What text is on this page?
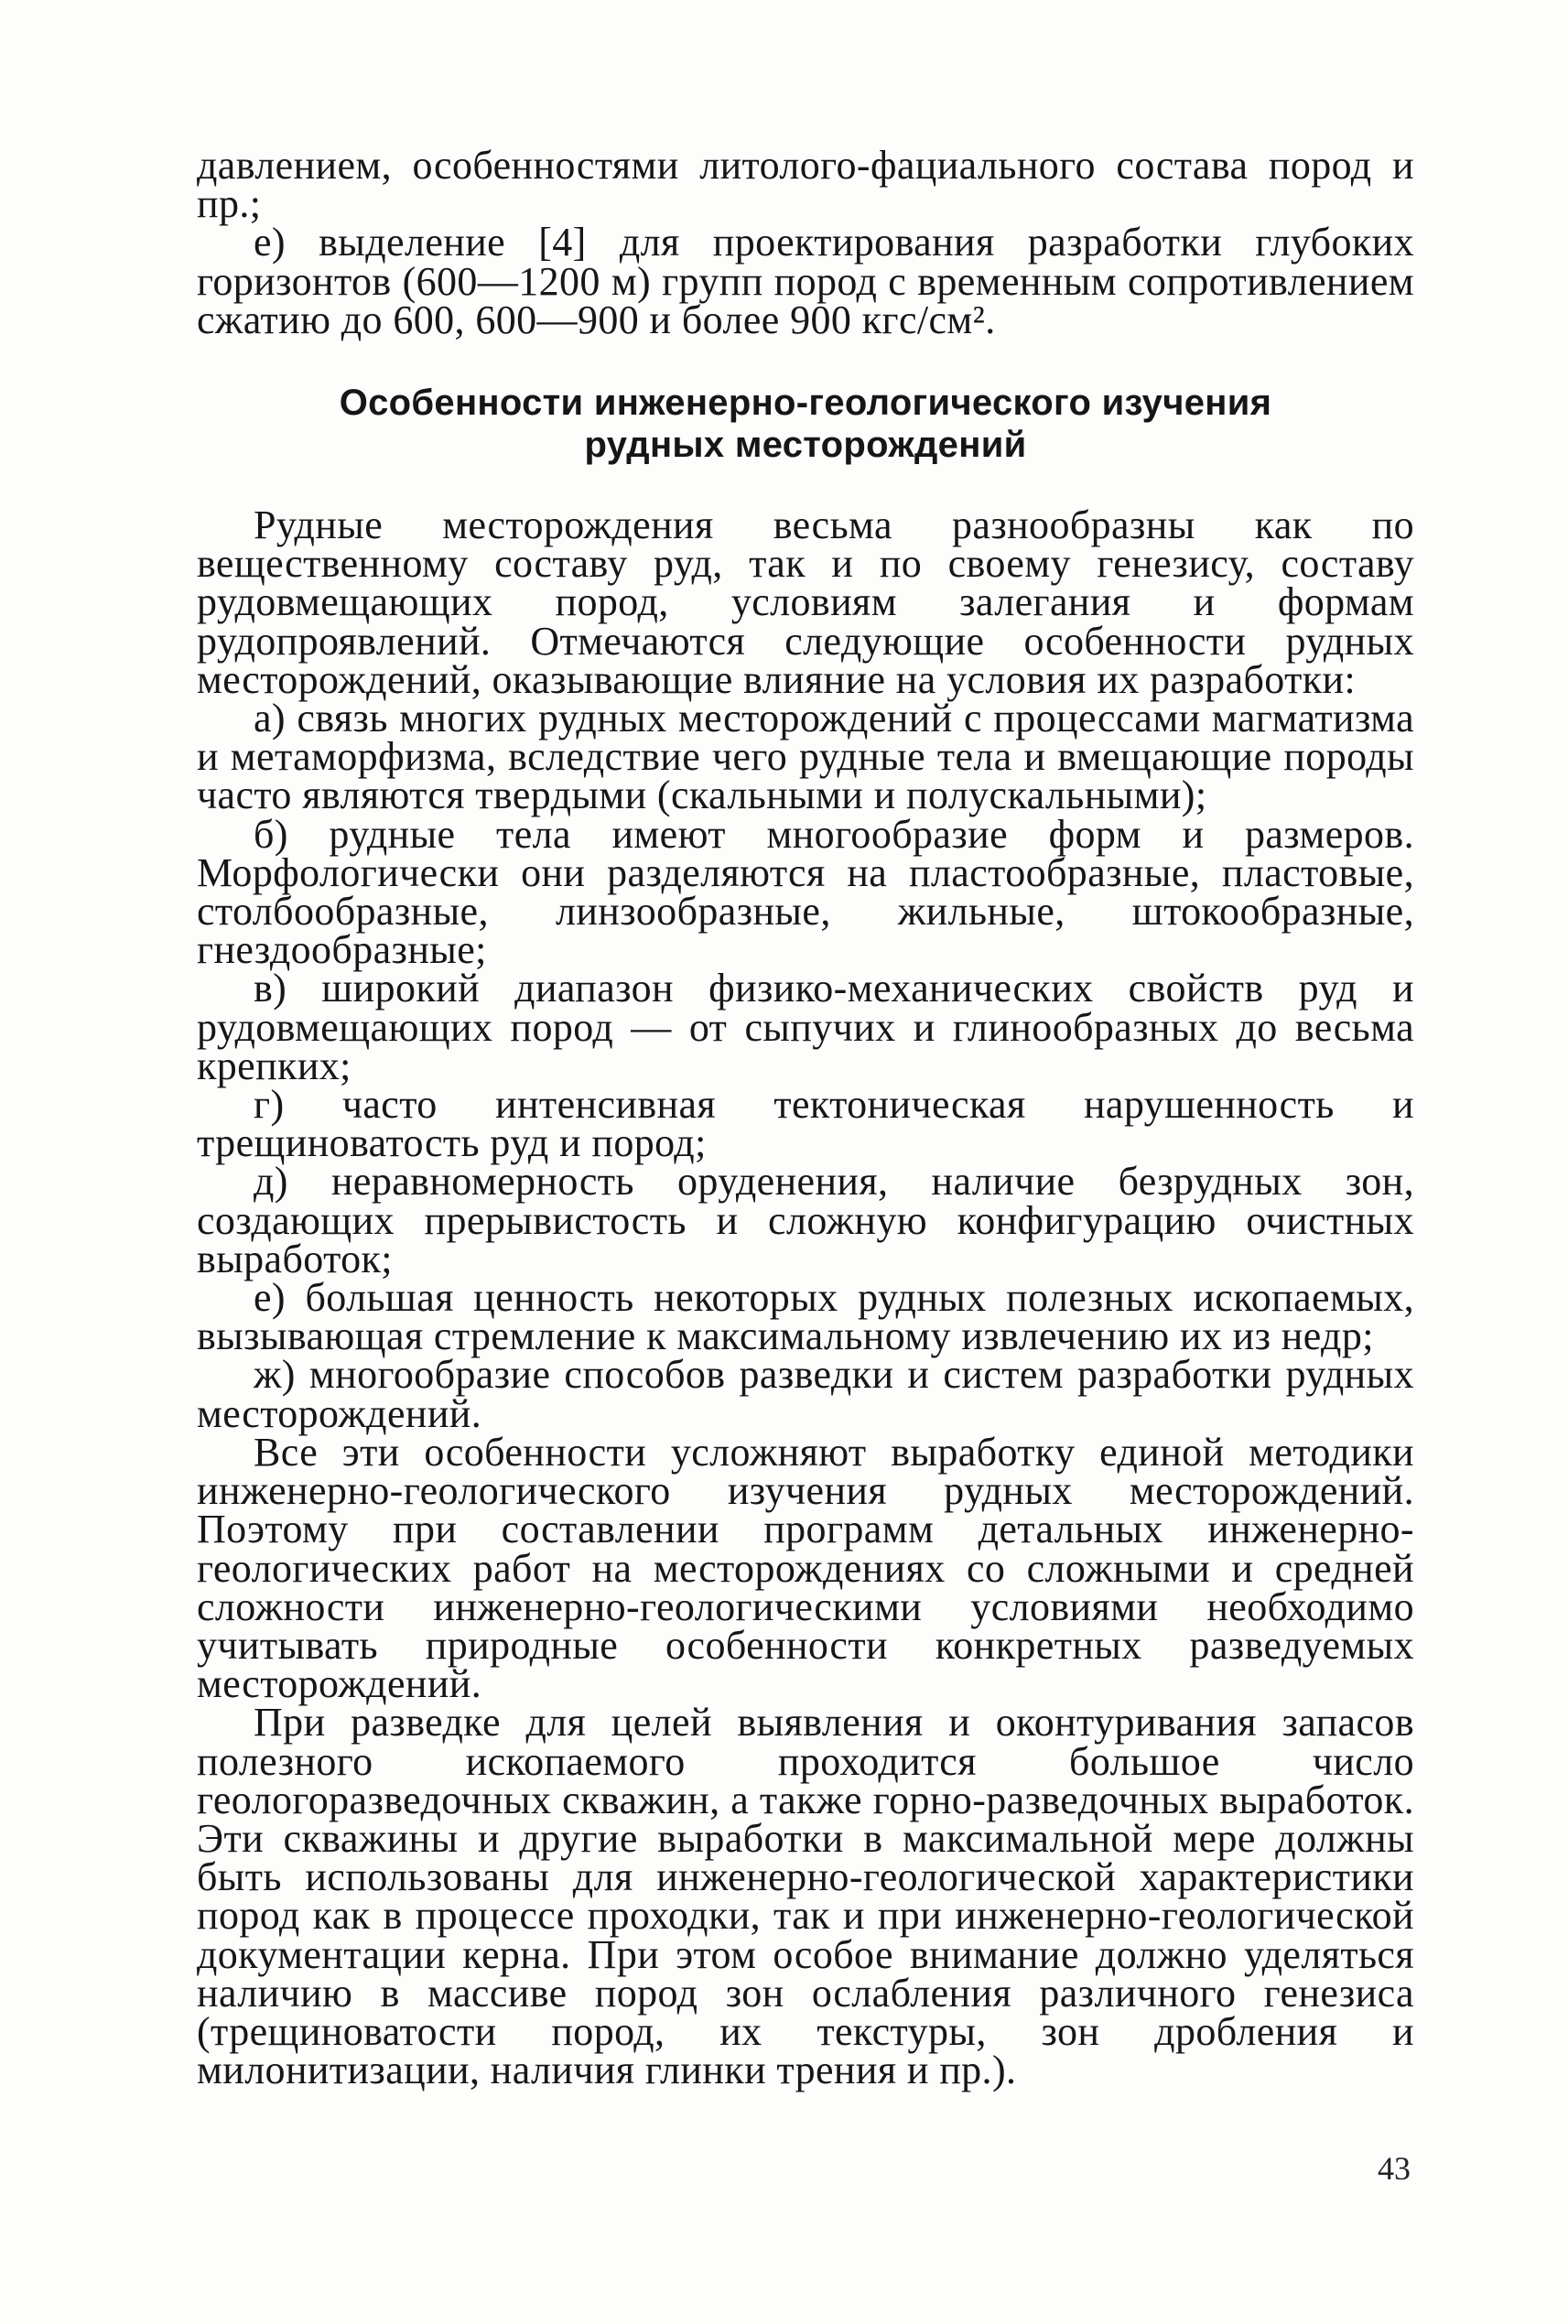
давлением, особенностями литолого-фациального состава пород и пр.;

е) выделение [4] для проектирования разработки глубоких горизонтов (600—1200 м) групп пород с временным сопротивлением сжатию до 600, 600—900 и более 900 кгс/см².

Особенности инженерно-геологического изучения
рудных месторождений

Рудные месторождения весьма разнообразны как по вещественному составу руд, так и по своему генезису, составу рудовмещающих пород, условиям залегания и формам рудопроявлений. Отмечаются следующие особенности рудных месторождений, оказывающие влияние на условия их разработки:

а) связь многих рудных месторождений с процессами магматизма и метаморфизма, вследствие чего рудные тела и вмещающие породы часто являются твердыми (скальными и полускальными);

б) рудные тела имеют многообразие форм и размеров. Морфологически они разделяются на пластообразные, пластовые, столбообразные, линзообразные, жильные, штокообразные, гнездообразные;

в) широкий диапазон физико-механических свойств руд и рудовмещающих пород — от сыпучих и глинообразных до весьма крепких;

г) часто интенсивная тектоническая нарушенность и трещиноватость руд и пород;

д) неравномерность оруденения, наличие безрудных зон, создающих прерывистость и сложную конфигурацию очистных выработок;

е) большая ценность некоторых рудных полезных ископаемых, вызывающая стремление к максимальному извлечению их из недр;

ж) многообразие способов разведки и систем разработки рудных месторождений.

Все эти особенности усложняют выработку единой методики инженерно-геологического изучения рудных месторождений. Поэтому при составлении программ детальных инженерно-геологических работ на месторождениях со сложными и средней сложности инженерно-геологическими условиями необходимо учитывать природные особенности конкретных разведуемых месторождений.

При разведке для целей выявления и оконтуривания запасов полезного ископаемого проходится большое число геологоразведочных скважин, а также горно-разведочных выработок. Эти скважины и другие выработки в максимальной мере должны быть использованы для инженерно-геологической характеристики пород как в процессе проходки, так и при инженерно-геологической документации керна. При этом особое внимание должно уделяться наличию в массиве пород зон ослабления различного генезиса (трещиноватости пород, их текстуры, зон дробления и милонитизации, наличия глинки трения и пр.).

43
